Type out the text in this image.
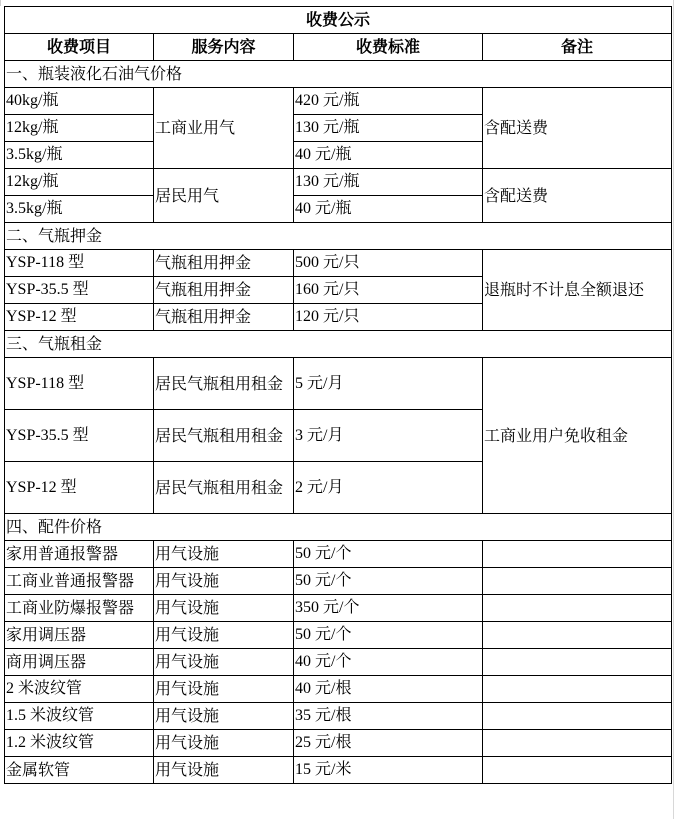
收费公示			
收费项目	服务内容	收费标准	备注
一、瓶装液化石油气价格			
40kg/瓶	工商业用气	420 元/瓶	含配送费
12kg/瓶		130 元/瓶	
3.5kg/瓶		40 元/瓶	
12kg/瓶	居民用气	130 元/瓶	含配送费
3.5kg/瓶		40 元/瓶	
二、气瓶押金			
YSP-118 型	气瓶租用押金	500 元/只	退瓶时不计息全额退还
YSP-35.5 型	气瓶租用押金	160 元/只	
YSP-12 型	气瓶租用押金	120 元/只	
三、气瓶租金			
YSP-118 型	居民气瓶租用租金	5 元/月	工商业用户免收租金
YSP-35.5 型	居民气瓶租用租金	3 元/月	
YSP-12 型	居民气瓶租用租金	2 元/月	
四、配件价格			
家用普通报警器	用气设施	50 元/个	
工商业普通报警器	用气设施	50 元/个	
工商业防爆报警器	用气设施	350 元/个	
家用调压器	用气设施	50 元/个	
商用调压器	用气设施	40 元/个	
2 米波纹管	用气设施	40 元/根	
1.5 米波纹管	用气设施	35 元/根	
1.2 米波纹管	用气设施	25 元/根	
金属软管	用气设施	15 元/米	
